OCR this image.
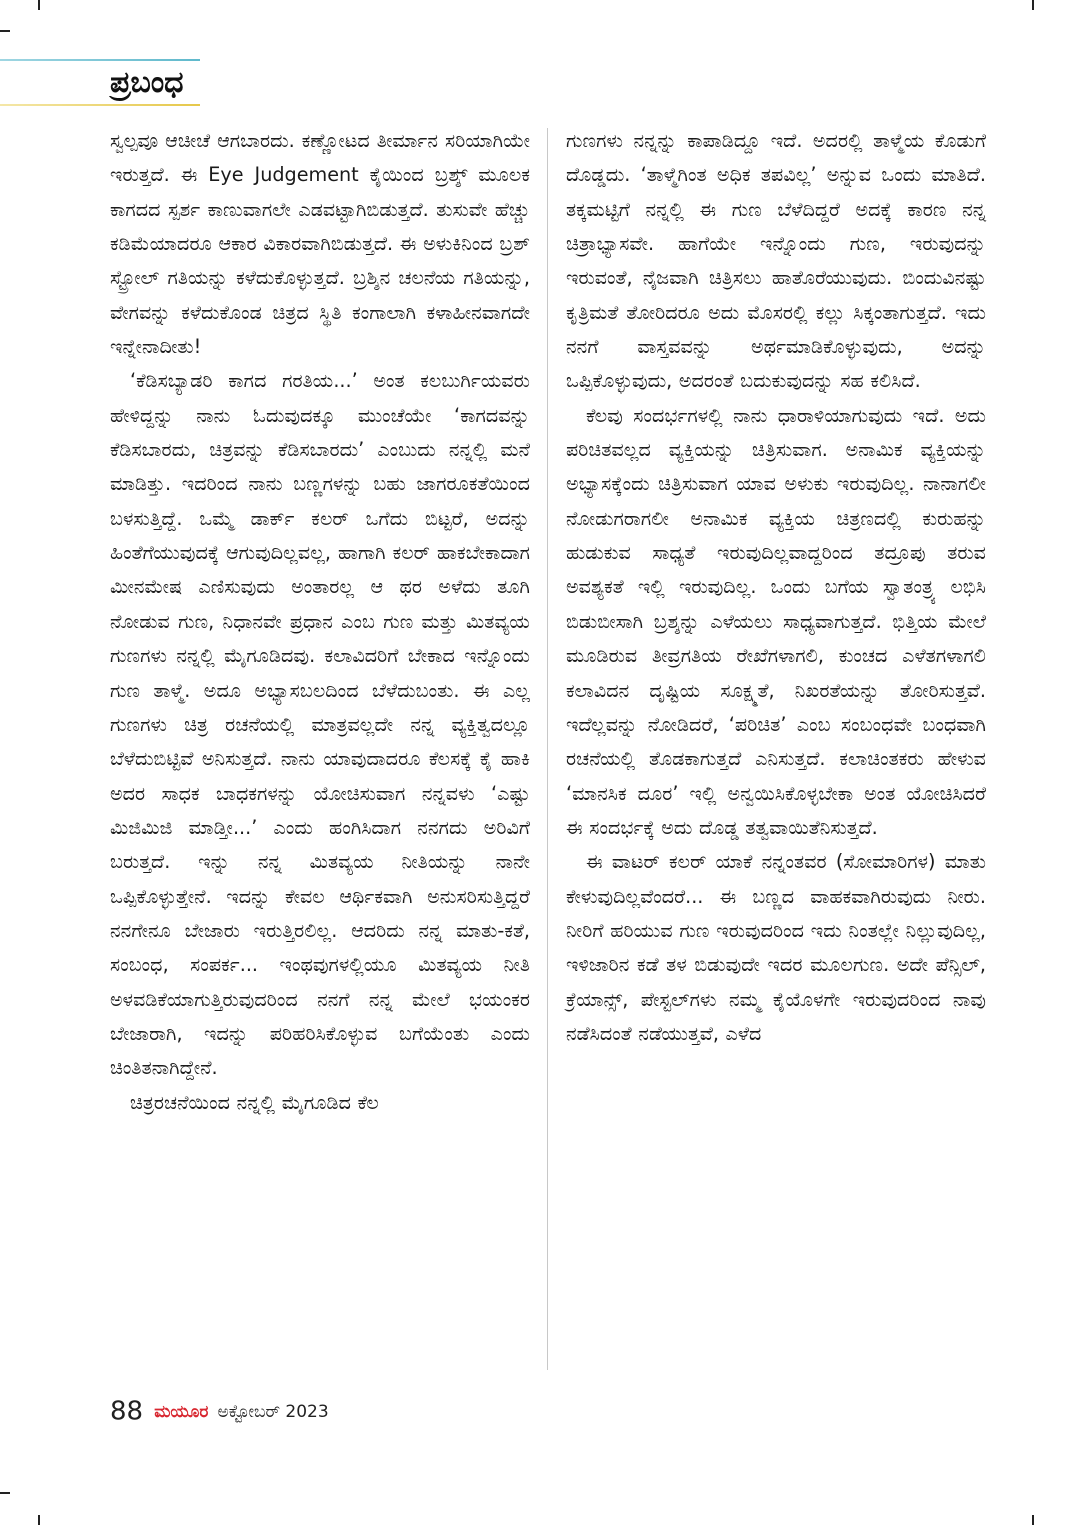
ಪ್ರಬಂಧ

ಸ್ವಲ್ಪವೂ ಆಚೀಚೆ ಆಗಬಾರದು. ಕಣ್ಣೋಟದ ತೀರ್ಮಾನ ಸರಿಯಾಗಿಯೇ ಇರುತ್ತದೆ. ಈ Eye Judgement ಕೈಯಿಂದ ಬ್ರಶ್ಶ್ ಮೂಲಕ ಕಾಗದದ ಸ್ಪರ್ಶ ಕಾಣುವಾಗಲೇ ಎಡವಟ್ಟಾಗಿಬಿಡುತ್ತದೆ. ತುಸುವೇ ಹೆಚ್ಚು ಕಡಿಮೆಯಾದರೂ ಆಕಾರ ವಿಕಾರವಾಗಿಬಿಡುತ್ತದೆ. ಈ ಅಳುಕಿನಿಂದ ಬ್ರಶ್ ಸ್ಟ್ರೋಲ್ ಗತಿಯನ್ನು ಕಳೆದುಕೊಳ್ಳುತ್ತದೆ. ಬ್ರಶ್ಶಿನ ಚಲನೆಯ ಗತಿಯನ್ನು, ವೇಗವನ್ನು ಕಳೆದುಕೊಂಡ ಚಿತ್ರದ ಸ್ಥಿತಿ ಕಂಗಾಲಾಗಿ ಕಳಾಹೀನವಾಗದೇ ಇನ್ನೇನಾದೀತು!

‘ಕೆಡಿಸಬ್ಯಾಡರಿ ಕಾಗದ ಗರತಿಯ...’ ಅಂತ ಕಲಬುರ್ಗಿಯವರು ಹೇಳಿದ್ದನ್ನು ನಾನು ಓದುವುದಕ್ಕೂ ಮುಂಚೆಯೇ ‘ಕಾಗದವನ್ನು ಕೆಡಿಸಬಾರದು, ಚಿತ್ರವನ್ನು ಕೆಡಿಸಬಾರದು’ ಎಂಬುದು ನನ್ನಲ್ಲಿ ಮನೆ ಮಾಡಿತ್ತು. ಇದರಿಂದ ನಾನು ಬಣ್ಣಗಳನ್ನು ಬಹು ಜಾಗರೂಕತೆಯಿಂದ ಬಳಸುತ್ತಿದ್ದೆ. ಒಮ್ಮೆ ಡಾರ್ಕ್ ಕಲರ್ ಒಗೆದು ಬಿಟ್ಟರೆ, ಅದನ್ನು ಹಿಂತೆಗೆಯುವುದಕ್ಕೆ ಆಗುವುದಿಲ್ಲವಲ್ಲ, ಹಾಗಾಗಿ ಕಲರ್ ಹಾಕಬೇಕಾದಾಗ ಮೀನಮೇಷ ಎಣಿಸುವುದು ಅಂತಾರಲ್ಲ ಆ ಥರ ಅಳೆದು ತೂಗಿ ನೋಡುವ ಗುಣ, ನಿಧಾನವೇ ಪ್ರಧಾನ ಎಂಬ ಗುಣ ಮತ್ತು ಮಿತವ್ಯಯ ಗುಣಗಳು ನನ್ನಲ್ಲಿ ಮೈಗೂಡಿದವು. ಕಲಾವಿದರಿಗೆ ಬೇಕಾದ ಇನ್ನೊಂದು ಗುಣ ತಾಳ್ಮೆ. ಅದೂ ಅಭ್ಯಾಸಬಲದಿಂದ ಬೆಳೆದುಬಂತು. ಈ ಎಲ್ಲ ಗುಣಗಳು ಚಿತ್ರ ರಚನೆಯಲ್ಲಿ ಮಾತ್ರವಲ್ಲದೇ ನನ್ನ ವ್ಯಕ್ತಿತ್ವದಲ್ಲೂ ಬೆಳೆದುಬಿಟ್ಟಿವೆ ಅನಿಸುತ್ತದೆ. ನಾನು ಯಾವುದಾದರೂ ಕೆಲಸಕ್ಕೆ ಕೈ ಹಾಕಿ ಅದರ ಸಾಧಕ ಬಾಧಕಗಳನ್ನು ಯೋಚಿಸುವಾಗ ನನ್ನವಳು ‘ಎಷ್ಟು ಮಿಜಿಮಿಜಿ ಮಾಡ್ತೀ...’ ಎಂದು ಹಂಗಿಸಿದಾಗ ನನಗದು ಅರಿವಿಗೆ ಬರುತ್ತದೆ. ಇನ್ನು ನನ್ನ ಮಿತವ್ಯಯ ನೀತಿಯನ್ನು ನಾನೇ ಒಪ್ಪಿಕೊಳ್ಳುತ್ತೇನೆ. ಇದನ್ನು ಕೇವಲ ಆರ್ಥಿಕವಾಗಿ ಅನುಸರಿಸುತ್ತಿದ್ದರೆ ನನಗೇನೂ ಬೇಜಾರು ಇರುತ್ತಿರಲಿಲ್ಲ. ಆದರಿದು ನನ್ನ ಮಾತು-ಕತೆ, ಸಂಬಂಧ, ಸಂಪರ್ಕ... ಇಂಥವುಗಳಲ್ಲಿಯೂ ಮಿತವ್ಯಯ ನೀತಿ ಅಳವಡಿಕೆಯಾಗುತ್ತಿರುವುದರಿಂದ ನನಗೆ ನನ್ನ ಮೇಲೆ ಭಯಂಕರ ಬೇಜಾರಾಗಿ, ಇದನ್ನು ಪರಿಹರಿಸಿಕೊಳ್ಳುವ ಬಗೆಯೆಂತು ಎಂದು ಚಿಂತಿತನಾಗಿದ್ದೇನೆ.

ಚಿತ್ರರಚನೆಯಿಂದ ನನ್ನಲ್ಲಿ ಮೈಗೂಡಿದ ಕೆಲ

ಗುಣಗಳು ನನ್ನನ್ನು ಕಾಪಾಡಿದ್ದೂ ಇದೆ. ಅದರಲ್ಲಿ ತಾಳ್ಮೆಯ ಕೊಡುಗೆ ದೊಡ್ಡದು. ‘ತಾಳ್ಮೆಗಿಂತ ಅಧಿಕ ತಪವಿಲ್ಲ’ ಅನ್ನುವ ಒಂದು ಮಾತಿದೆ. ತಕ್ಕಮಟ್ಟಿಗೆ ನನ್ನಲ್ಲಿ ಈ ಗುಣ ಬೆಳೆದಿದ್ದರೆ ಅದಕ್ಕೆ ಕಾರಣ ನನ್ನ ಚಿತ್ರಾಭ್ಯಾಸವೇ. ಹಾಗೆಯೇ ಇನ್ನೊಂದು ಗುಣ, ಇರುವುದನ್ನು ಇರುವಂತೆ, ನೈಜವಾಗಿ ಚಿತ್ರಿಸಲು ಹಾತೊರೆಯುವುದು. ಬಿಂದುವಿನಷ್ಟು ಕೃತ್ರಿಮತೆ ತೋರಿದರೂ ಅದು ಮೊಸರಲ್ಲಿ ಕಲ್ಲು ಸಿಕ್ಕಂತಾಗುತ್ತದೆ. ಇದು ನನಗೆ ವಾಸ್ತವವನ್ನು ಅರ್ಥಮಾಡಿಕೊಳ್ಳುವುದು, ಅದನ್ನು ಒಪ್ಪಿಕೊಳ್ಳುವುದು, ಅದರಂತೆ ಬದುಕುವುದನ್ನು ಸಹ ಕಲಿಸಿದೆ.

ಕೆಲವು ಸಂದರ್ಭಗಳಲ್ಲಿ ನಾನು ಧಾರಾಳಿಯಾಗುವುದು ಇದೆ. ಅದು ಪರಿಚಿತವಲ್ಲದ ವ್ಯಕ್ತಿಯನ್ನು ಚಿತ್ರಿಸುವಾಗ. ಅನಾಮಿಕ ವ್ಯಕ್ತಿಯನ್ನು ಅಭ್ಯಾಸಕ್ಕೆಂದು ಚಿತ್ರಿಸುವಾಗ ಯಾವ ಅಳುಕು ಇರುವುದಿಲ್ಲ. ನಾನಾಗಲೀ ನೋಡುಗರಾಗಲೀ ಅನಾಮಿಕ ವ್ಯಕ್ತಿಯ ಚಿತ್ರಣದಲ್ಲಿ ಕುರುಹನ್ನು ಹುಡುಕುವ ಸಾಧ್ಯತೆ ಇರುವುದಿಲ್ಲವಾದ್ದರಿಂದ ತದ್ರೂಪು ತರುವ ಅವಶ್ಯಕತೆ ಇಲ್ಲಿ ಇರುವುದಿಲ್ಲ. ಒಂದು ಬಗೆಯ ಸ್ವಾತಂತ್ರ್ಯ ಲಭಿಸಿ ಬಿಡುಬೀಸಾಗಿ ಬ್ರಶ್ಶನ್ನು ಎಳೆಯಲು ಸಾಧ್ಯವಾಗುತ್ತದೆ. ಭಿತ್ತಿಯ ಮೇಲೆ ಮೂಡಿರುವ ತೀವ್ರಗತಿಯ ರೇಖೆಗಳಾಗಲಿ, ಕುಂಚದ ಎಳೆತಗಳಾಗಲಿ ಕಲಾವಿದನ ದೃಷ್ಟಿಯ ಸೂಕ್ಷ್ಮತೆ, ನಿಖರತೆಯನ್ನು ತೋರಿಸುತ್ತವೆ. ಇದೆಲ್ಲವನ್ನು ನೋಡಿದರೆ, ‘ಪರಿಚಿತ’ ಎಂಬ ಸಂಬಂಧವೇ ಬಂಧವಾಗಿ ರಚನೆಯಲ್ಲಿ ತೊಡಕಾಗುತ್ತದೆ ಎನಿಸುತ್ತದೆ. ಕಲಾಚಿಂತಕರು ಹೇಳುವ ‘ಮಾನಸಿಕ ದೂರ’ ಇಲ್ಲಿ ಅನ್ವಯಿಸಿಕೊಳ್ಳಬೇಕಾ ಅಂತ ಯೋಚಿಸಿದರೆ ಈ ಸಂದರ್ಭಕ್ಕೆ ಅದು ದೊಡ್ಡ ತತ್ವವಾಯಿತೆನಿಸುತ್ತದೆ.

ಈ ವಾಟರ್ ಕಲರ್ ಯಾಕೆ ನನ್ನಂತವರ (ಸೋಮಾರಿಗಳ) ಮಾತು ಕೇಳುವುದಿಲ್ಲವೆಂದರೆ... ಈ ಬಣ್ಣದ ವಾಹಕವಾಗಿರುವುದು ನೀರು. ನೀರಿಗೆ ಹರಿಯುವ ಗುಣ ಇರುವುದರಿಂದ ಇದು ನಿಂತಲ್ಲೇ ನಿಲ್ಲುವುದಿಲ್ಲ, ಇಳಿಜಾರಿನ ಕಡೆ ತಳ ಬಿಡುವುದೇ ಇದರ ಮೂಲಗುಣ. ಅದೇ ಪೆನ್ಸಿಲ್, ಕ್ರೆಯಾನ್ಸ್, ಪೇಸ್ಟಲ್‌ಗಳು ನಮ್ಮ ಕೈಯೊಳಗೇ ಇರುವುದರಿಂದ ನಾವು ನಡೆಸಿದಂತೆ ನಡೆಯುತ್ತವೆ, ಎಳೆದ

88 ಮಯೂರ ಅಕ್ಟೋಬರ್ 2023
